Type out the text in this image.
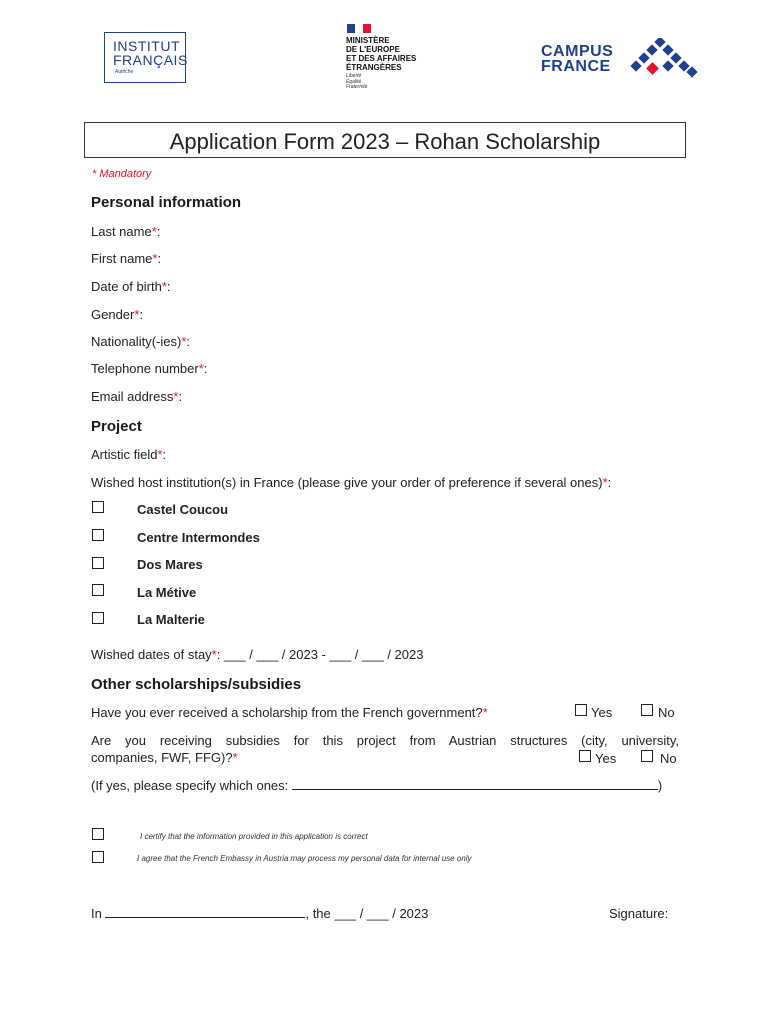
INSTITUT
FRANÇAIS
Autriche
MINISTÈRE
DE L'EUROPE
ET DES AFFAIRES
ÉTRANGÈRES
Liberté
Égalité
Fraternité
CAMPUS
FRANCE
Application Form 2023 – Rohan Scholarship
* Mandatory
Personal information
Last name*:
First name*:
Date of birth*:
Gender*:
Nationality(-ies)*:
Telephone number*:
Email address*:
Project
Artistic field*:
Wished host institution(s) in France (please give your order of preference if several ones)*:
Castel Coucou
Centre Intermondes
Dos Mares
La Métive
La Malterie
Wished dates of stay*: ___ / ___ / 2023 - ___ / ___ / 2023
Other scholarships/subsidies
Have you ever received a scholarship from the French government?*	Yes	No
Are you receiving subsidies for this project from Austrian structures (city, university,
companies, FWF, FFG)?*	Yes	No
(If yes, please specify which ones:	)
I certify that the information provided in this application is correct
I agree that the French Embassy in Austria may process my personal data for internal use only
In	, the ___ / ___ / 2023	Signature:
